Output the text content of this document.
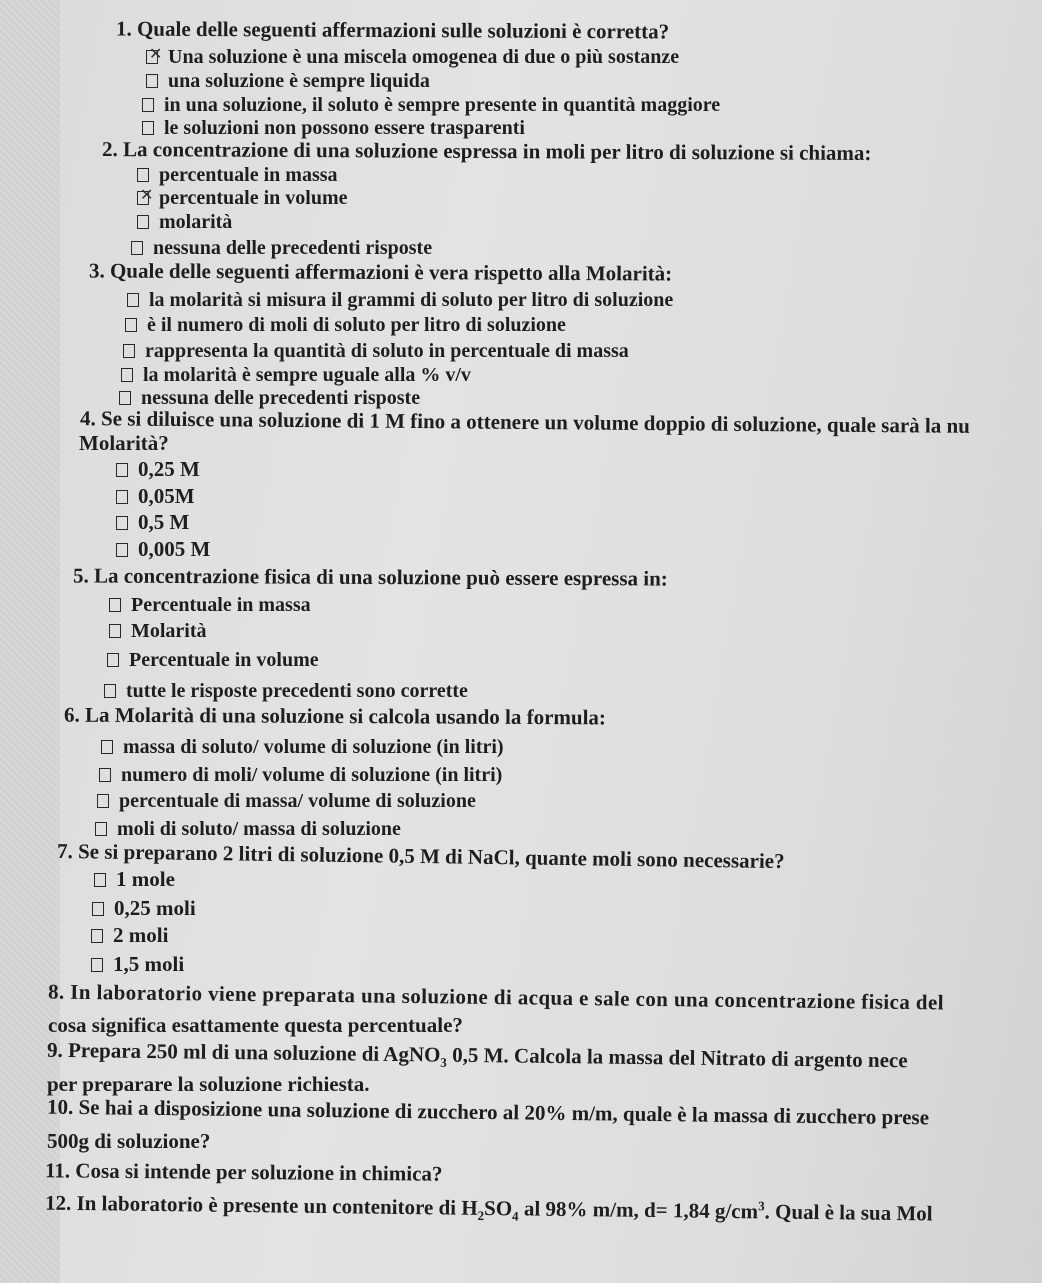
1. Quale delle seguenti affermazioni sulle soluzioni è corretta?
✕Una soluzione è una miscela omogenea di due o più sostanze
una soluzione è sempre liquida
in una soluzione, il soluto è sempre presente in quantità maggiore
le soluzioni non possono essere trasparenti
2. La concentrazione di una soluzione espressa in moli per litro di soluzione si chiama:
percentuale in massa
✕percentuale in volume
molarità
nessuna delle precedenti risposte
3. Quale delle seguenti affermazioni è vera rispetto alla Molarità:
la molarità si misura il grammi di soluto per litro di soluzione
è il numero di moli di soluto per litro di soluzione
rappresenta la quantità di soluto in percentuale di massa
la molarità è sempre uguale alla % v/v
nessuna delle precedenti risposte
4. Se si diluisce una soluzione di 1 M fino a ottenere un volume doppio di soluzione, quale sarà la nu
Molarità?
0,25 M
0,05M
0,5 M
0,005 M
5. La concentrazione fisica di una soluzione può essere espressa in:
Percentuale in massa
Molarità
Percentuale in volume
tutte le risposte precedenti sono corrette
6. La Molarità di una soluzione si calcola usando la formula:
massa di soluto/ volume di soluzione (in litri)
numero di moli/ volume di soluzione (in litri)
percentuale di massa/ volume di soluzione
moli di soluto/ massa di soluzione
7. Se si preparano 2 litri di soluzione 0,5 M di NaCl, quante moli sono necessarie?
1 mole
0,25 moli
2 moli
1,5 moli
8. In laboratorio viene preparata una soluzione di acqua e sale con una concentrazione fisica del
cosa significa esattamente questa percentuale?
9. Prepara 250 ml di una soluzione di AgNO$_3$ 0,5 M. Calcola la massa del Nitrato di argento nece
per preparare la soluzione richiesta.
10. Se hai a disposizione una soluzione di zucchero al 20% m/m, quale è la massa di zucchero prese
500g di soluzione?
11. Cosa si intende per soluzione in chimica?
12. In laboratorio è presente un contenitore di $H_2SO_4$ al 98% m/m, d= 1,84 $g/cm^3$. Qual è la sua Mol
